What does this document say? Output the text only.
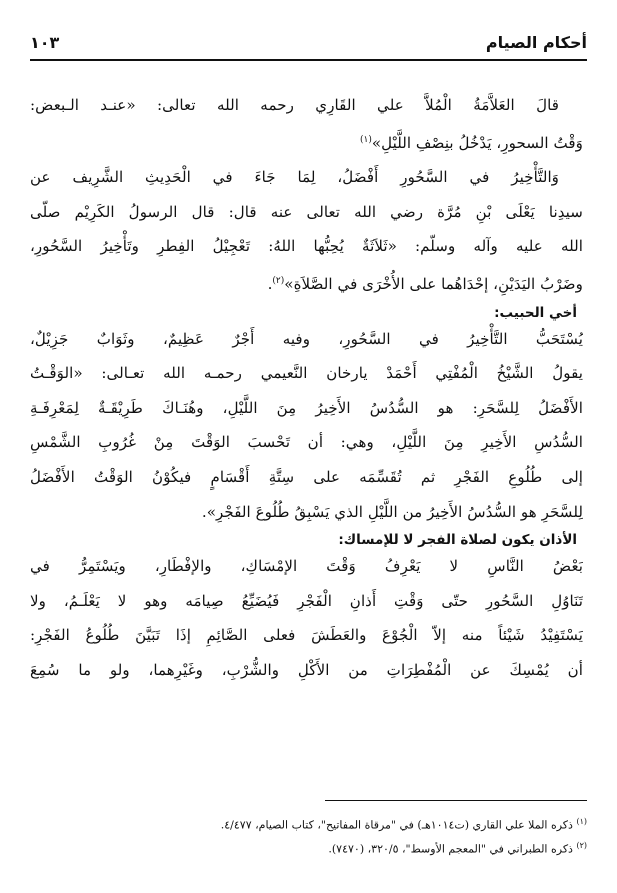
أحكام الصيام
١٠٣
قالَ العَلاَّمَةُ الْمُلاَّ علي القَارِي رحمه الله تعالى: «عنـد الـبعض:
وَقْتُ السحورِ، يَدْخُلُ بنِصْفِ اللَّيْلِ»$^{(١)}$
وَالتَّأْخِيرُ في السَّحُورِ أَفْضَلُ، لِمَا جَاءَ في الْحَدِيثِ الشَّرِيف عن
سيدِنا يَعْلَى بْنِ مُرَّة رضي الله تعالى عنه قال: قال الرسولُ الكَرِيْم صلّى
الله عليه وآله وسلّم: «ثَلاَثَةٌ يُحِبُّها اللهُ: تَعْجِيْلُ الفِطرِ وتَأْخِيرُ السَّحُورِ،
وضَرْبُ اليَدَيْنِ، إحْدَاهُما على الأُخْرَى في الصَّلاَةِ»$^{(٢)}$.
أخي الحبيب:
يُسْتَحَبُّ التَّأْخِيرُ في السَّحُورِ، وفيه أَجْرٌ عَظِيمٌ، وثَوَابٌ جَزِيْلٌ،
يقولُ الشَّيْخُ الْمُفْتِي أَحْمَدْ يارخان النَّعيمي رحمـه الله تعـالى: «الوَقْـتُ
الأَفْضَلُ لِلسَّحَرِ: هو السُّدُسُ الأَخِيرُ مِنَ اللَّيْلِ، وهُنَـاكَ طَرِيْقَـةٌ لِمَعْرِفَـةِ
السُّدُسِ الأَخِيرِ مِنَ اللَّيْلِ، وهي: أن تَحْسبَ الوَقْتَ مِنْ غُرُوبِ الشَّمْسِ
إلى طُلُوعِ الفَجْرِ ثم تُقَسِّمَه على سِتَّةِ أَقْسَامٍ فيكُوْنُ الوَقْتُ الأَفْضَلُ
لِلسَّحَرِ هو السُّدُسُ الأَخِيرُ من اللَّيْلِ الذي يَسْبِقُ طُلُوعَ الفَجْرِ».
الأذان يكون لصلاة الفجر لا للإمساك:
بَعْضُ النَّاسِ لا يَعْرِفُ وَقْتَ الإمْسَاكِ، والإفْطَارِ، ويَسْتَمِرُّ في
تَنَاوُلِ السَّحُورِ حتّى وَقْتِ أَذانِ الْفَجْرِ فَيُضَيِّعُ صِيامَه وهو لا يَعْلَـمُ، ولا
يَسْتَفِيْدُ شَيْئاً منه إلاّ الْجُوْعَ والعَطَشَ فعلى الصَّائِمِ إذَا تَبَيَّنَ طُلُوعُ الفَجْرِ:
أن يُمْسِكَ عن الْمُفْطِرَاتِ من الأَكْلِ والشُّرْبِ، وغَيْرِهما، ولو ما سُمِعَ
$^{(١)}$ ذكره الملا علي القاري (ت١٠١٤هـ) في "مرقاة المفاتيح"، كتاب الصيام، ٤/٤٧٧.
$^{(٢)}$ ذكره الطبراني في "المعجم الأوسط"، ٣٢٠/٥، (٧٤٧٠).
